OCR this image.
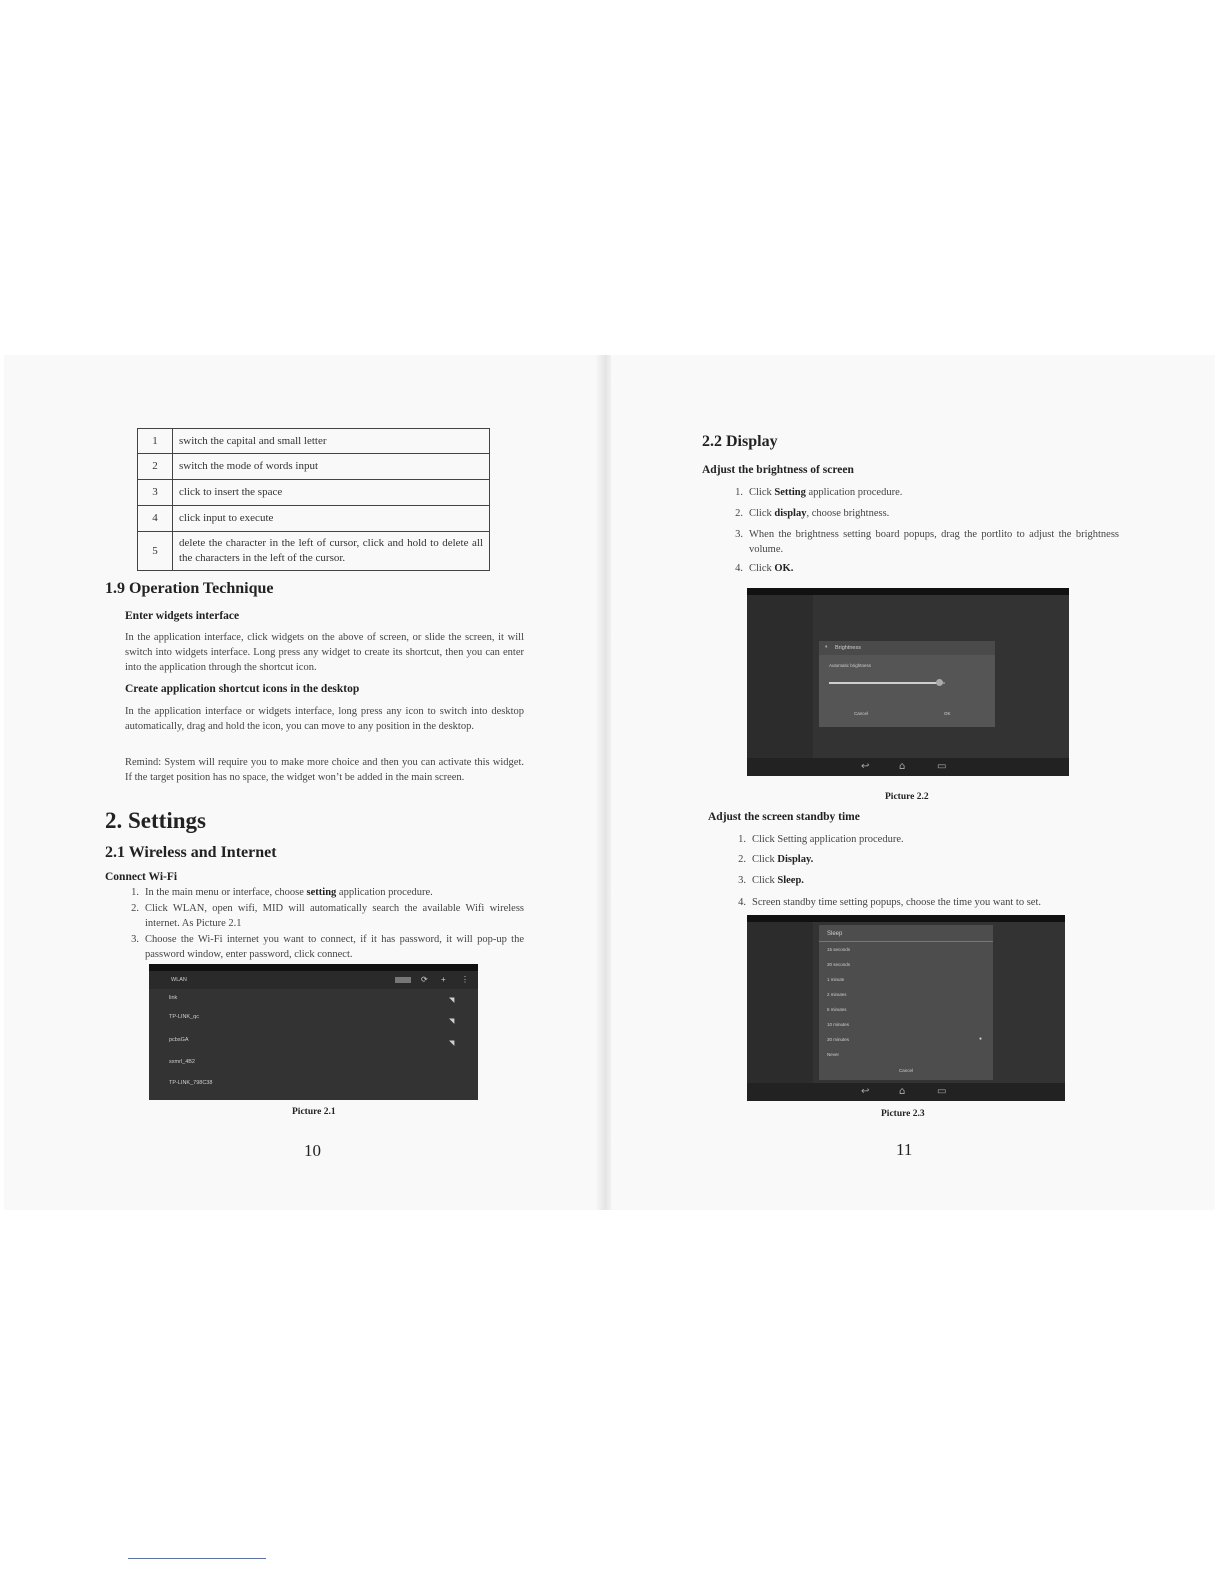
1	switch the capital and small letter
2	switch the mode of words input
3	click to insert the space
4	click input to execute
5	delete the character in the left of cursor, click and hold to delete all the characters in the left of the cursor.
1.9 Operation Technique
Enter widgets interface
In the application interface, click widgets on the above of screen, or slide the screen, it will switch into widgets interface. Long press any widget to create its shortcut, then you can enter into the application through the shortcut icon.
Create application shortcut icons in the desktop
In the application interface or widgets interface, long press any icon to switch into desktop automatically, drag and hold the icon, you can move to any position in the desktop.
Remind: System will require you to make more choice and then you can activate this widget. If the target position has no space, the widget won’t be added in the main screen.
2. Settings
2.1 Wireless and Internet
Connect Wi-Fi
1. In the main menu or interface, choose setting application procedure.
2. Click WLAN, open wifi, MID will automatically search the available Wifi wireless internet. As Picture 2.1
3. Choose the Wi-Fi internet you want to connect, if it has password, it will pop-up the password window, enter password, click connect.
WLAN	⟳ + ⋮
link
TP-LINK_qc
pcbsGA
sxmrl_4B2
TP-LINK_798C38
◥
◥
◥
Picture 2.1
10
2.2 Display
Adjust the brightness of screen
1. Click Setting application procedure.
2. Click display, choose brightness.
3. When the brightness setting board popups, drag the portlito to adjust the brightness volume.
4. Click OK.
◐ Brightness
Automatic brightness
Cancel	OK
↩	⌂	▭
Picture 2.2
Adjust the screen standby time
1. Click Setting application procedure.
2. Click Display.
3. Click Sleep.
4. Screen standby time setting popups, choose the time you want to set.
Sleep
15 seconds
30 seconds
1 minute
2 minutes
5 minutes
10 minutes
30 minutes	●
Never
Cancel
↩	⌂	▭
Picture 2.3
11
